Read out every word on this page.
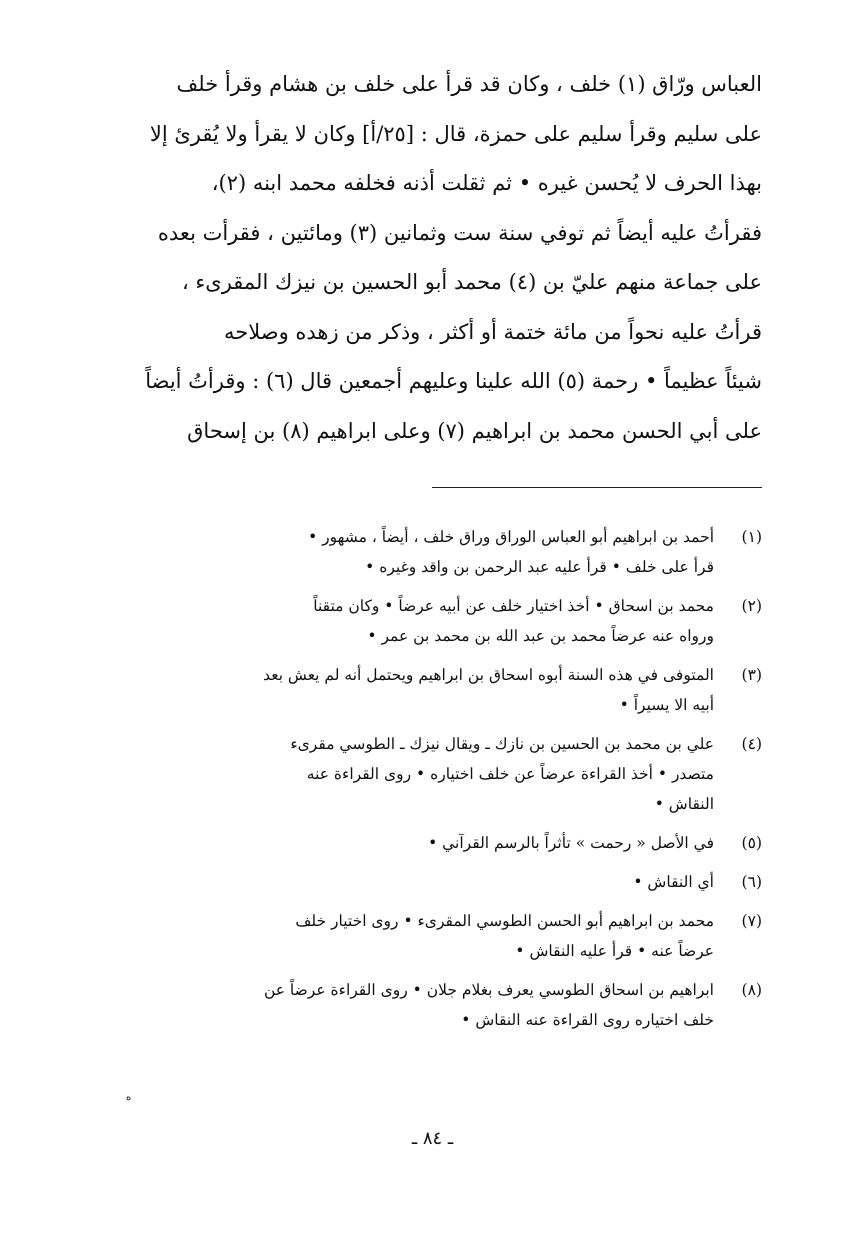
العباس ورّاق (١) خلف ، وكان قد قرأ على خلف بن هشام وقرأ خلف
على سليم وقرأ سليم على حمزة، قال : [٢٥/أ] وكان لا يقرأ ولا يُقرئ إلا
بهذا الحرف لا يُحسن غيره • ثم ثقلت أذنه فخلفه محمد ابنه (٢)،
فقرأتُ عليه أيضاً ثم توفي سنة ست وثمانين (٣) ومائتين ، فقرأت بعده
على جماعة منهم عليّ بن (٤) محمد أبو الحسين بن نيزك المقرىء ،
قرأتُ عليه نحواً من مائة ختمة أو أكثر ، وذكر من زهده وصلاحه
شيئاً عظيماً • رحمة (٥) الله علينا وعليهم أجمعين قال (٦) : وقرأتُ أيضاً
على أبي الحسن محمد بن ابراهيم (٧) وعلى ابراهيم (٨) بن إسحاق
(١)
أحمد بن ابراهيم أبو العباس الوراق وراق خلف ، أيضاً ، مشهور •
قرأ على خلف • قرأ عليه عبد الرحمن بن واقد وغيره •
(٢)
محمد بن اسحاق • أخذ اختيار خلف عن أبيه عرضاً • وكان متقناً
ورواه عنه عرضاً محمد بن عبد الله بن محمد بن عمر •
(٣)
المتوفى في هذه السنة أبوه اسحاق بن ابراهيم ويحتمل أنه لم يعش بعد
أبيه الا يسيراً •
(٤)
علي بن محمد بن الحسين بن نازك ـ ويقال نيزك ـ الطوسي مقرىء
متصدر • أخذ القراءة عرضاً عن خلف اختياره • روى القراءة عنه
النقاش •
(٥)
في الأصل « رحمت » تأثراً بالرسم القرآني •
(٦)
أي النقاش •
(٧)
محمد بن ابراهيم أبو الحسن الطوسي المقرىء • روى اختيار خلف
عرضاً عنه • قرأ عليه النقاش •
(٨)
ابراهيم بن اسحاق الطوسي يعرف بغلام جلان • روى القراءة عرضاً عن
خلف اختياره روى القراءة عنه النقاش •
ه
ـ ٨٤ ـ
